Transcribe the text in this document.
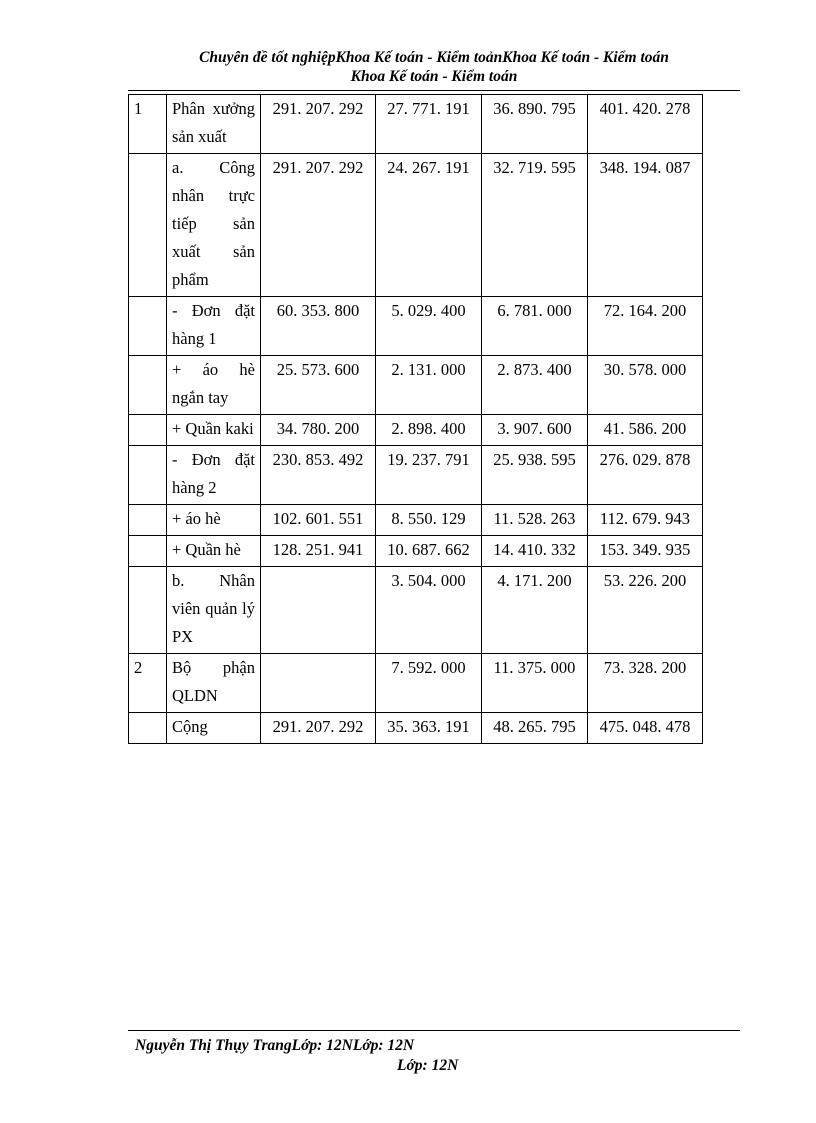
Chuyên đề tốt nghiệpKhoa Kế toán - Kiểm toảnKhoa Kế toán - Kiểm toán
Khoa Kế toán - Kiểm toán
1	Phân xưởng sản xuất	291. 207. 292	27. 771. 191	36. 890. 795	401. 420. 278
	a. Công nhân trực tiếp sản xuất sản phẩm	291. 207. 292	24. 267. 191	32. 719. 595	348. 194. 087
	- Đơn đặt hàng 1	60. 353. 800	5. 029. 400	6. 781. 000	72. 164. 200
	+ áo hè ngắn tay	25. 573. 600	2. 131. 000	2. 873. 400	30. 578. 000
	+ Quần kaki	34. 780. 200	2. 898. 400	3. 907. 600	41. 586. 200
	- Đơn đặt hàng 2	230. 853. 492	19. 237. 791	25. 938. 595	276. 029. 878
	+ áo hè	102. 601. 551	8. 550. 129	11. 528. 263	112. 679. 943
	+ Quần hè	128. 251. 941	10. 687. 662	14. 410. 332	153. 349. 935
	b. Nhân viên quản lý PX		3. 504. 000	4. 171. 200	53. 226. 200
2	Bộ phận QLDN		7. 592. 000	11. 375. 000	73. 328. 200
	Cộng	291. 207. 292	35. 363. 191	48. 265. 795	475. 048. 478
Nguyễn Thị Thụy TrangLớp: 12NLớp: 12N
Lớp: 12N
